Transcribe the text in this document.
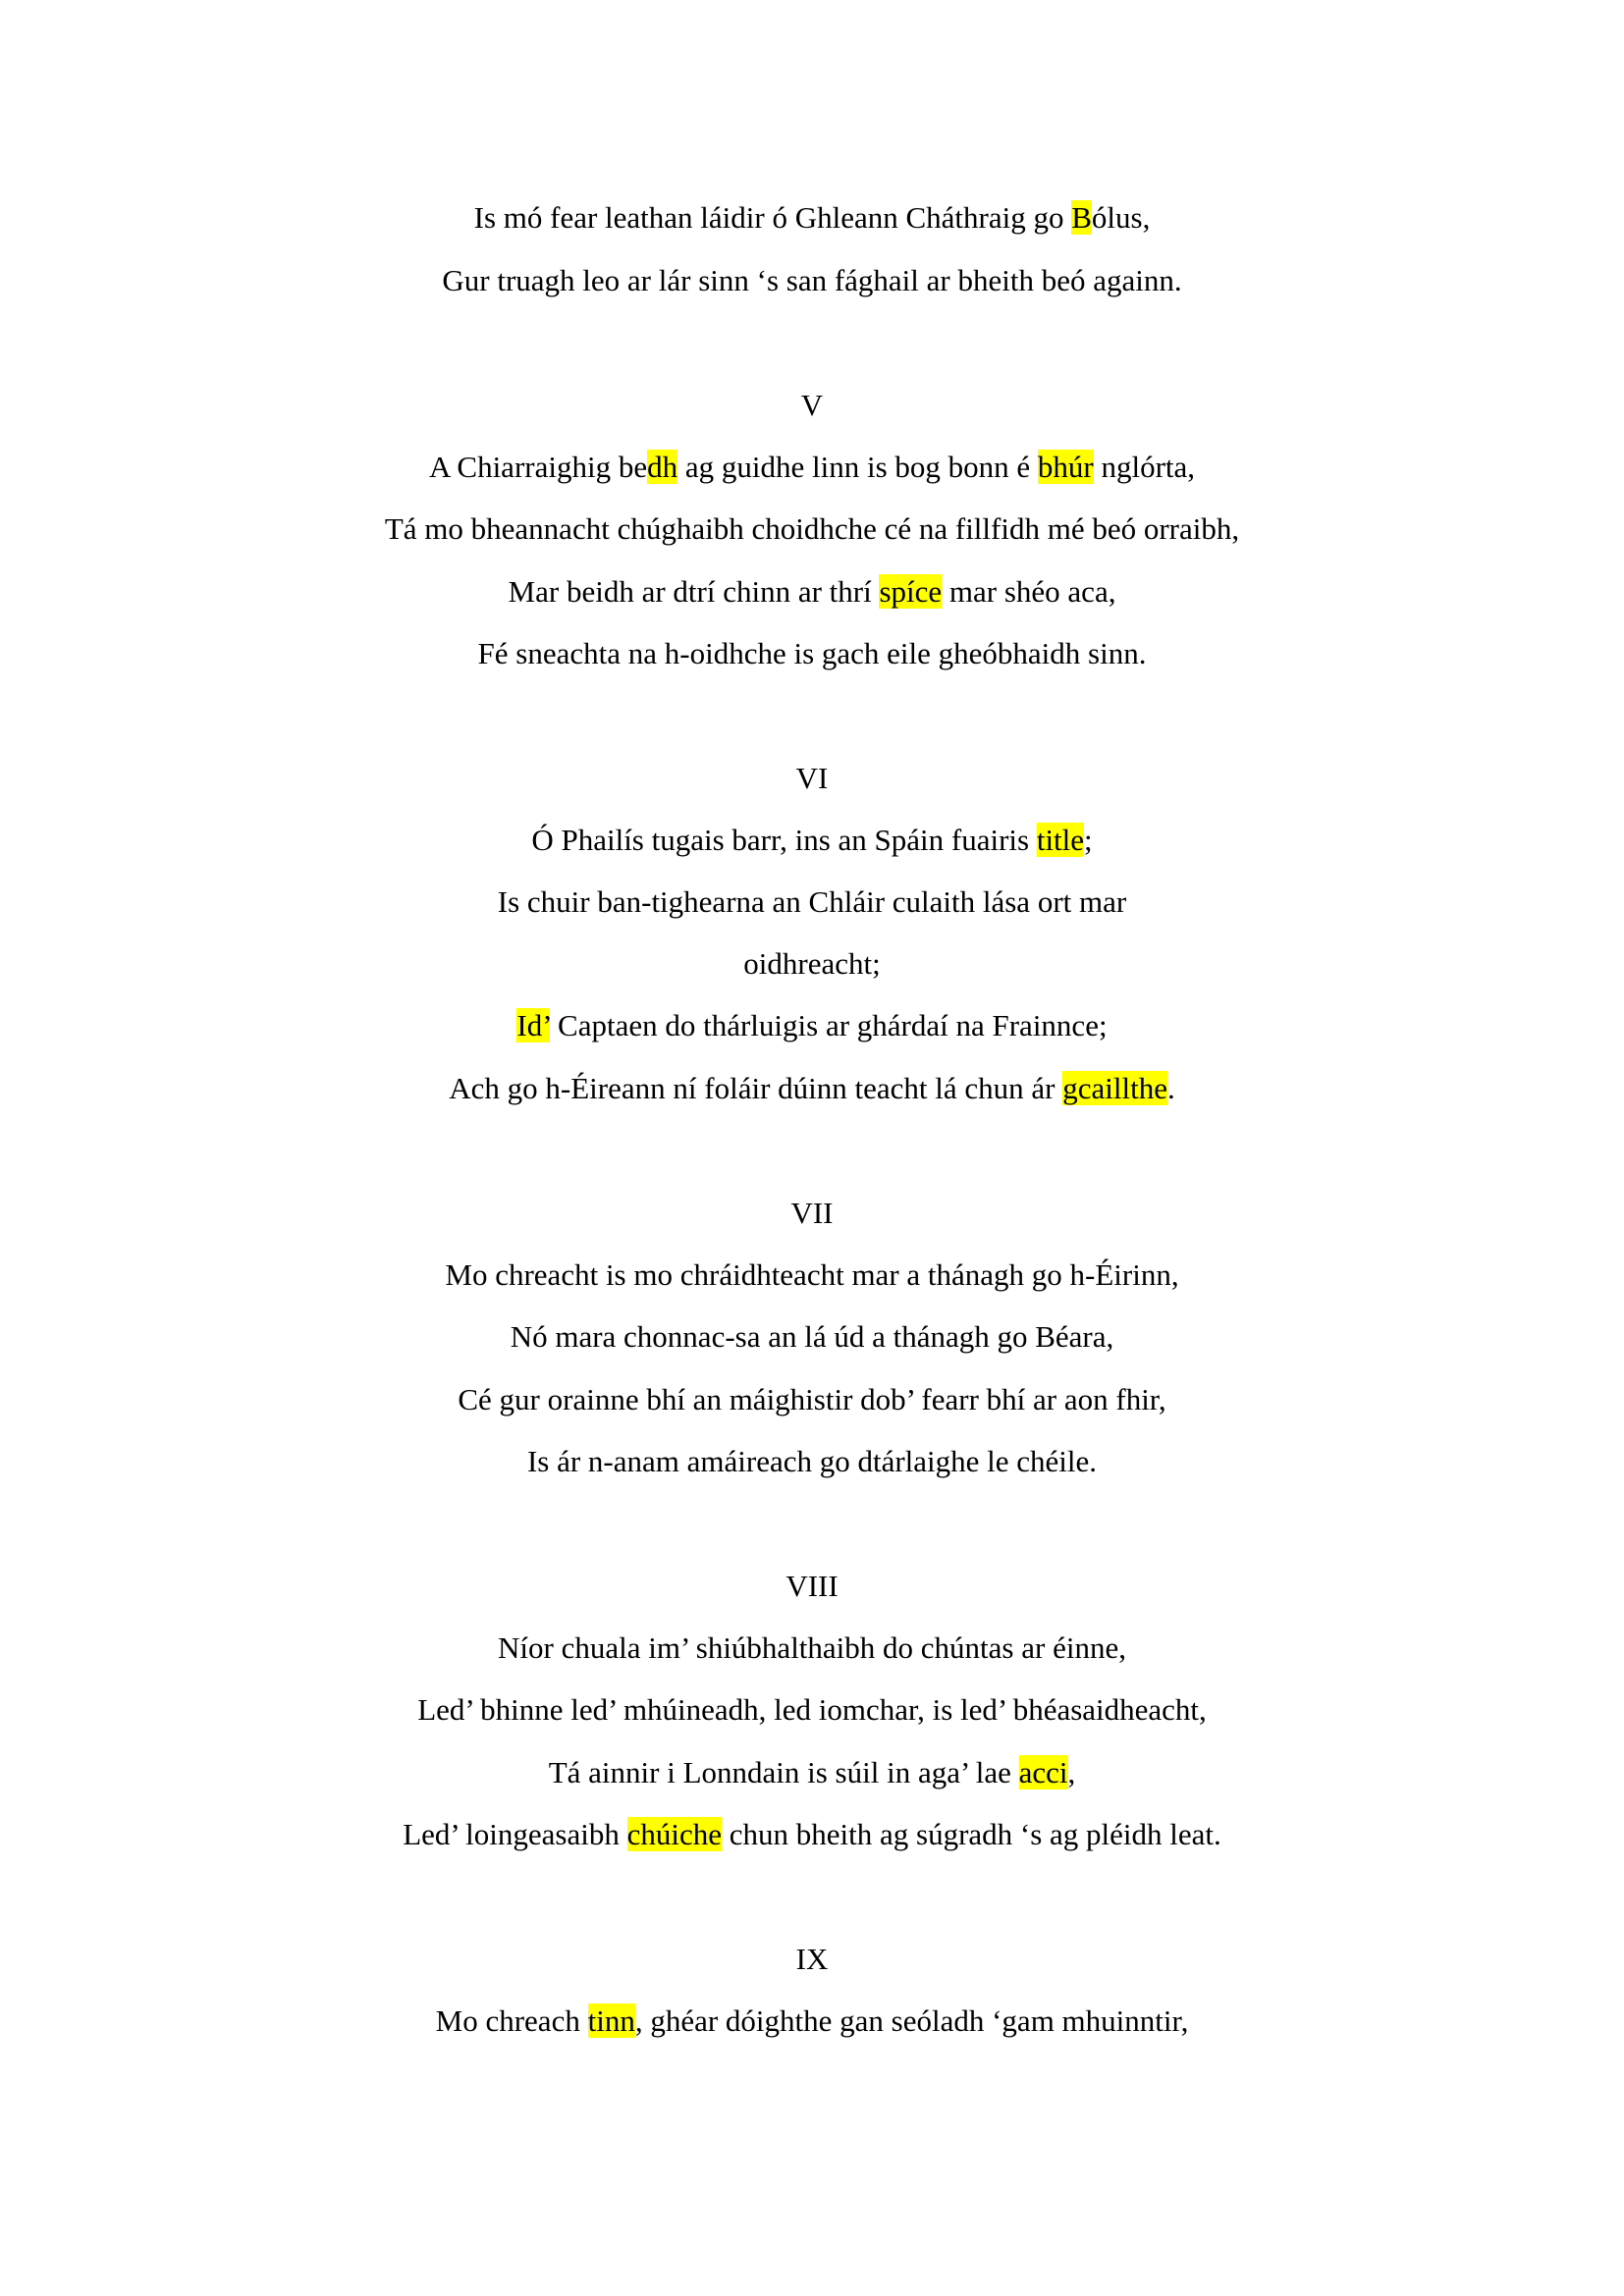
Is mó fear leathan láidir ó Ghleann Cháthraig go Bólus,
Gur truagh leo ar lár sinn ‘s san fághail ar bheith beó againn.
V
A Chiarraighig bedh ag guidhe linn is bog bonn é bhúr nglórta,
Tá mo bheannacht chúghaibh choidhche cé na fillfidh mé beó orraibh,
Mar beidh ar dtrí chinn ar thrí spíce mar shéo aca,
Fé sneachta na h-oidhche is gach eile gheóbhaidh sinn.
VI
Ó Phailís tugais barr, ins an Spáin fuairis title;
Is chuir ban-tighearna an Chláir culaith lása ort mar
oidhreacht;
Id’ Captaen do thárluigis ar ghárdaí na Frainnce;
Ach go h-Éireann ní foláir dúinn teacht lá chun ár gcaillthe.
VII
Mo chreacht is mo chráidhteacht mar a thánagh go h-Éirinn,
Nó mara chonnac-sa an lá úd a thánagh go Béara,
Cé gur orainne bhí an máighistir dob’ fearr bhí ar aon fhir,
Is ár n-anam amáireach go dtárlaighe le chéile.
VIII
Níor chuala im’ shiúbhalthaibh do chúntas ar éinne,
Led’ bhinne led’ mhúineadh, led iomchar, is led’ bhéasaidheacht,
Tá ainnir i Lonndain is súil in aga’ lae acci,
Led’ loingeasaibh chúiche chun bheith ag súgradh ‘s ag pléidh leat.
IX
Mo chreach tinn, ghéar dóighthe gan seóladh ‘gam mhuinntir,
